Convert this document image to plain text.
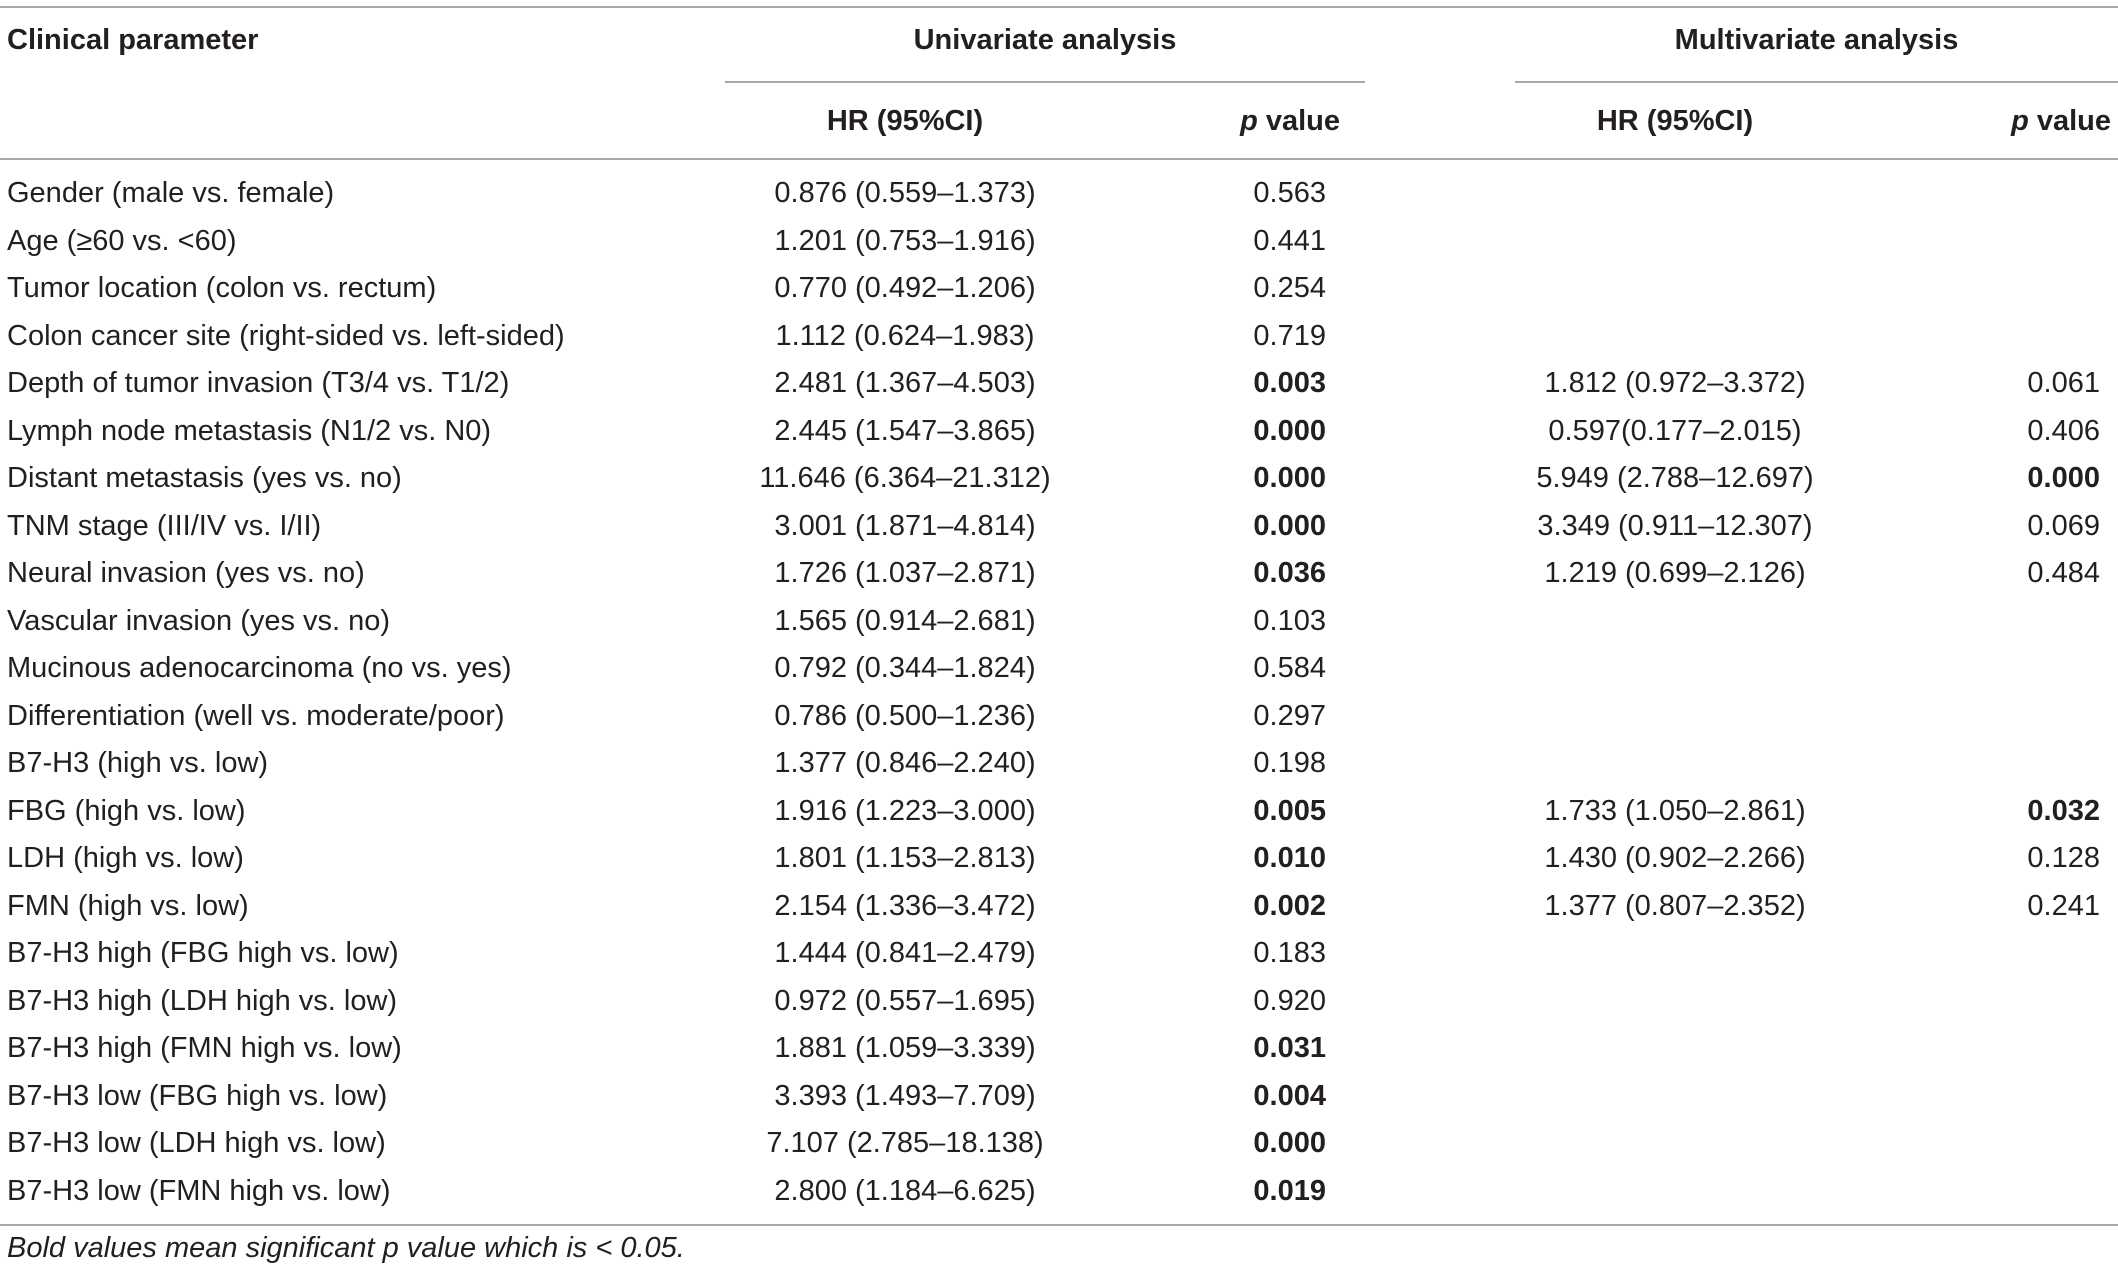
Clinical parameter	Univariate analysis	Multivariate analysis
HR (95%CI)	p value	HR (95%CI)	p value
Gender (male vs. female)	0.876 (0.559–1.373)	0.563
Age (≥60 vs. <60)	1.201 (0.753–1.916)	0.441
Tumor location (colon vs. rectum)	0.770 (0.492–1.206)	0.254
Colon cancer site (right-sided vs. left-sided)	1.112 (0.624–1.983)	0.719
Depth of tumor invasion (T3/4 vs. T1/2)	2.481 (1.367–4.503)	0.003	1.812 (0.972–3.372)	0.061
Lymph node metastasis (N1/2 vs. N0)	2.445 (1.547–3.865)	0.000	0.597(0.177–2.015)	0.406
Distant metastasis (yes vs. no)	11.646 (6.364–21.312)	0.000	5.949 (2.788–12.697)	0.000
TNM stage (III/IV vs. I/II)	3.001 (1.871–4.814)	0.000	3.349 (0.911–12.307)	0.069
Neural invasion (yes vs. no)	1.726 (1.037–2.871)	0.036	1.219 (0.699–2.126)	0.484
Vascular invasion (yes vs. no)	1.565 (0.914–2.681)	0.103
Mucinous adenocarcinoma (no vs. yes)	0.792 (0.344–1.824)	0.584
Differentiation (well vs. moderate/poor)	0.786 (0.500–1.236)	0.297
B7-H3 (high vs. low)	1.377 (0.846–2.240)	0.198
FBG (high vs. low)	1.916 (1.223–3.000)	0.005	1.733 (1.050–2.861)	0.032
LDH (high vs. low)	1.801 (1.153–2.813)	0.010	1.430 (0.902–2.266)	0.128
FMN (high vs. low)	2.154 (1.336–3.472)	0.002	1.377 (0.807–2.352)	0.241
B7-H3 high (FBG high vs. low)	1.444 (0.841–2.479)	0.183
B7-H3 high (LDH high vs. low)	0.972 (0.557–1.695)	0.920
B7-H3 high (FMN high vs. low)	1.881 (1.059–3.339)	0.031
B7-H3 low (FBG high vs. low)	3.393 (1.493–7.709)	0.004
B7-H3 low (LDH high vs. low)	7.107 (2.785–18.138)	0.000
B7-H3 low (FMN high vs. low)	2.800 (1.184–6.625)	0.019
Bold values mean significant p value which is < 0.05.
